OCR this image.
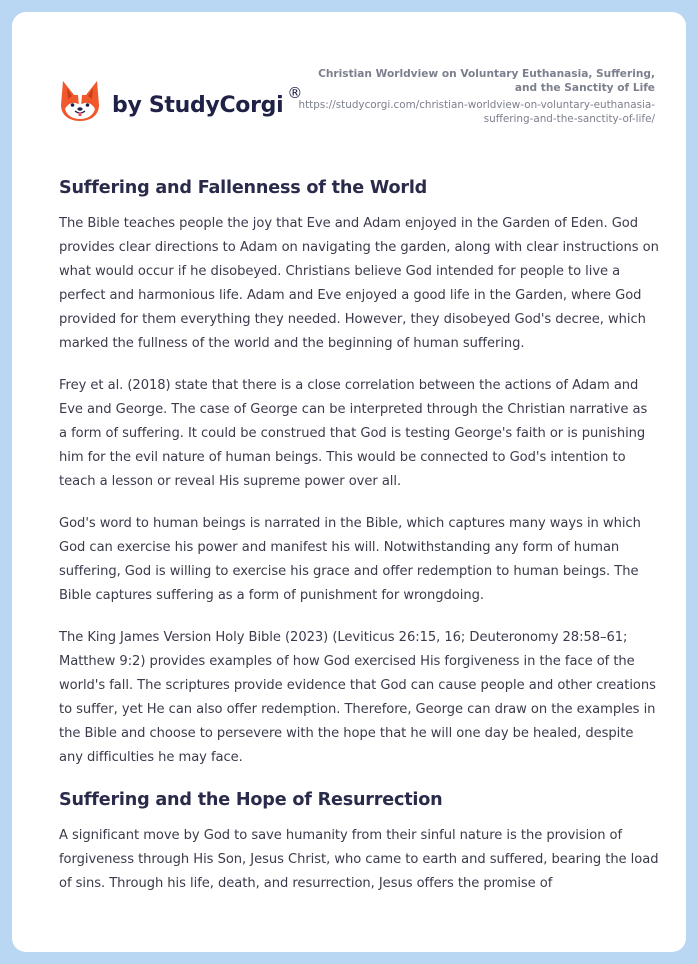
by StudyCorgi ®
Christian Worldview on Voluntary Euthanasia, Suffering, and the Sanctity of Life
https://studycorgi.com/christian-worldview-on-voluntary-euthanasia-suffering-and-the-sanctity-of-life/
Suffering and Fallenness of the World

The Bible teaches people the joy that Eve and Adam enjoyed in the Garden of Eden. God provides clear directions to Adam on navigating the garden, along with clear instructions on what would occur if he disobeyed. Christians believe God intended for people to live a perfect and harmonious life. Adam and Eve enjoyed a good life in the Garden, where God provided for them everything they needed. However, they disobeyed God's decree, which marked the fullness of the world and the beginning of human suffering.

Frey et al. (2018) state that there is a close correlation between the actions of Adam and Eve and George. The case of George can be interpreted through the Christian narrative as a form of suffering. It could be construed that God is testing George's faith or is punishing him for the evil nature of human beings. This would be connected to God's intention to teach a lesson or reveal His supreme power over all.

God's word to human beings is narrated in the Bible, which captures many ways in which God can exercise his power and manifest his will. Notwithstanding any form of human suffering, God is willing to exercise his grace and offer redemption to human beings. The Bible captures suffering as a form of punishment for wrongdoing.

The King James Version Holy Bible (2023) (Leviticus 26:15, 16; Deuteronomy 28:58–61; Matthew 9:2) provides examples of how God exercised His forgiveness in the face of the world's fall. The scriptures provide evidence that God can cause people and other creations to suffer, yet He can also offer redemption. Therefore, George can draw on the examples in the Bible and choose to persevere with the hope that he will one day be healed, despite any difficulties he may face.

Suffering and the Hope of Resurrection

A significant move by God to save humanity from their sinful nature is the provision of forgiveness through His Son, Jesus Christ, who came to earth and suffered, bearing the load of sins. Through his life, death, and resurrection, Jesus offers the promise of
